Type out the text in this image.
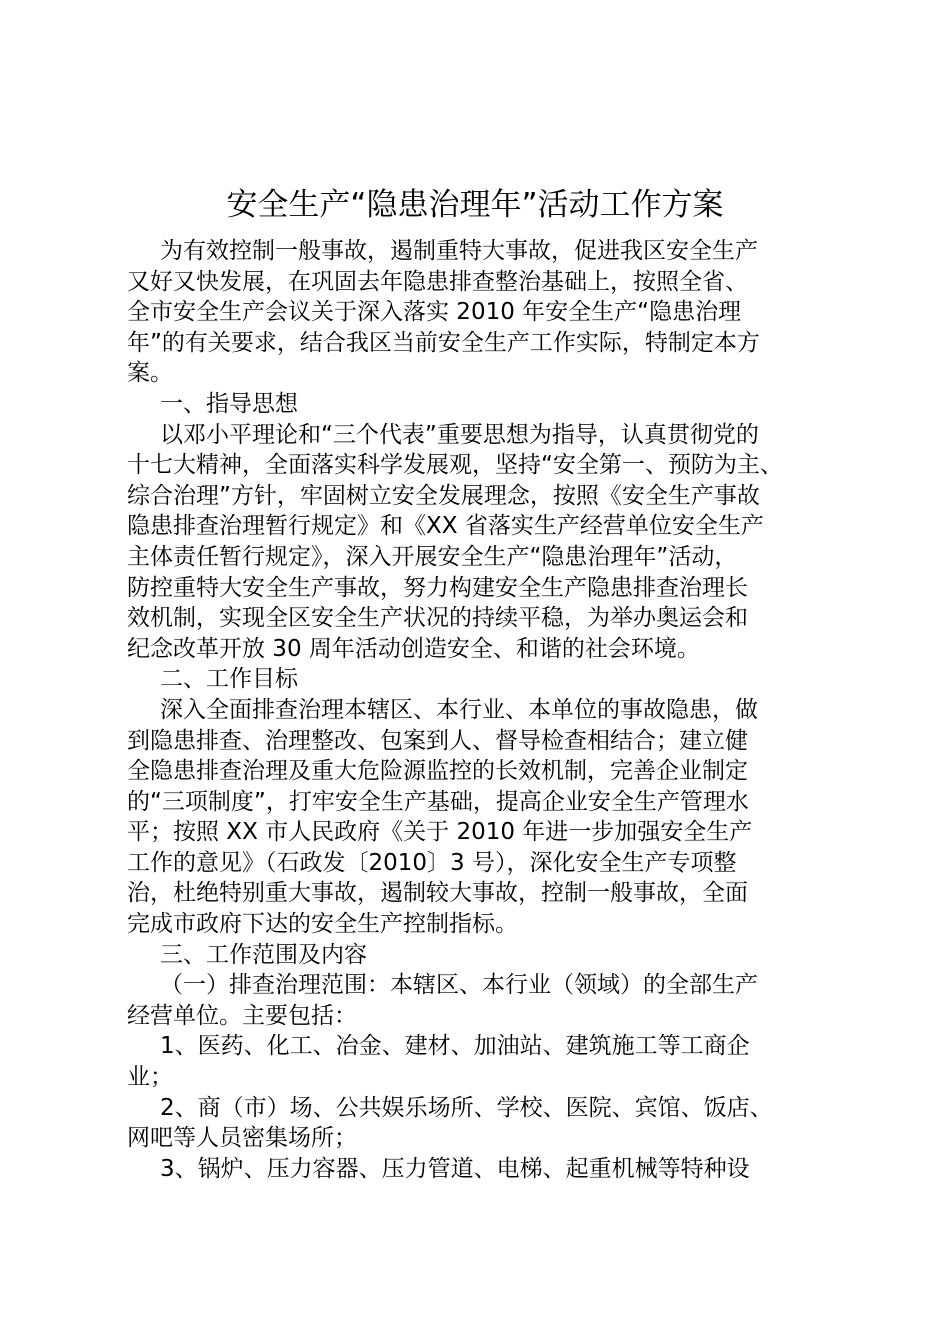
安全生产“隐患治理年”活动工作方案
为有效控制一般事故，遏制重特大事故，促进我区安全生产
又好又快发展，在巩固去年隐患排查整治基础上，按照全省、
全市安全生产会议关于深入落实 2010 年安全生产“隐患治理
年”的有关要求，结合我区当前安全生产工作实际，特制定本方
案。
一、指导思想
以邓小平理论和“三个代表”重要思想为指导，认真贯彻党的
十七大精神，全面落实科学发展观，坚持“安全第一、预防为主、
综合治理”方针，牢固树立安全发展理念，按照《安全生产事故
隐患排查治理暂行规定》和《XX 省落实生产经营单位安全生产
主体责任暂行规定》，深入开展安全生产“隐患治理年”活动，
防控重特大安全生产事故，努力构建安全生产隐患排查治理长
效机制，实现全区安全生产状况的持续平稳，为举办奥运会和
纪念改革开放 30 周年活动创造安全、和谐的社会环境。
二、工作目标
深入全面排查治理本辖区、本行业、本单位的事故隐患，做
到隐患排查、治理整改、包案到人、督导检查相结合；建立健
全隐患排查治理及重大危险源监控的长效机制，完善企业制定
的“三项制度”，打牢安全生产基础，提高企业安全生产管理水
平；按照 XX 市人民政府《关于 2010 年进一步加强安全生产
工作的意见》（石政发〔2010〕3 号），深化安全生产专项整
治，杜绝特别重大事故，遏制较大事故，控制一般事故，全面
完成市政府下达的安全生产控制指标。
三、工作范围及内容
（一）排查治理范围：本辖区、本行业（领域）的全部生产
经营单位。主要包括：
1、医药、化工、冶金、建材、加油站、建筑施工等工商企
业；
2、商（市）场、公共娱乐场所、学校、医院、宾馆、饭店、
网吧等人员密集场所；
3、锅炉、压力容器、压力管道、电梯、起重机械等特种设
